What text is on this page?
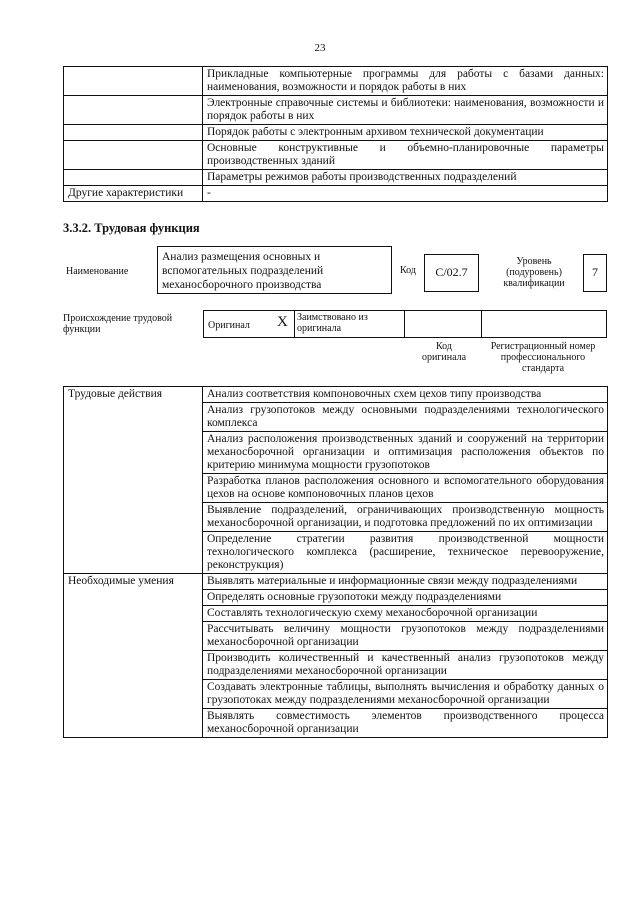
23
	Прикладные компьютерные программы для работы с базами данных: наименования, возможности и порядок работы в них
	Электронные справочные системы и библиотеки: наименования, возможности и порядок работы в них
	Порядок работы с электронным архивом технической документации
	Основные конструктивные и объемно-планировочные параметры производственных зданий
	Параметры режимов работы производственных подразделений
Другие характеристики	-
3.3.2. Трудовая функция
Наименование
Анализ размещения основных и вспомогательных подразделений механосборочного производства
Код	С/02.7
Уровень (подуровень) квалификации
7
Происхождение трудовой функции	Оригинал X Заимствовано из оригинала
Код оригинала
Регистрационный номер профессионального стандарта
Трудовые действия	Анализ соответствия компоновочных схем цехов типу производства
	Анализ грузопотоков между основными подразделениями технологического комплекса
	Анализ расположения производственных зданий и сооружений на территории механосборочной организации и оптимизация расположения объектов по критерию минимума мощности грузопотоков
	Разработка планов расположения основного и вспомогательного оборудования цехов на основе компоновочных планов цехов
	Выявление подразделений, ограничивающих производственную мощность механосборочной организации, и подготовка предложений по их оптимизации
	Определение стратегии развития производственной мощности технологического комплекса (расширение, техническое перевооружение, реконструкция)
Необходимые умения	Выявлять материальные и информационные связи между подразделениями
	Определять основные грузопотоки между подразделениями
	Составлять технологическую схему механосборочной организации
	Рассчитывать величину мощности грузопотоков между подразделениями механосборочной организации
	Производить количественный и качественный анализ грузопотоков между подразделениями механосборочной организации
	Создавать электронные таблицы, выполнять вычисления и обработку данных о грузопотоках между подразделениями механосборочной организации
	Выявлять совместимость элементов производственного процесса механосборочной организации
